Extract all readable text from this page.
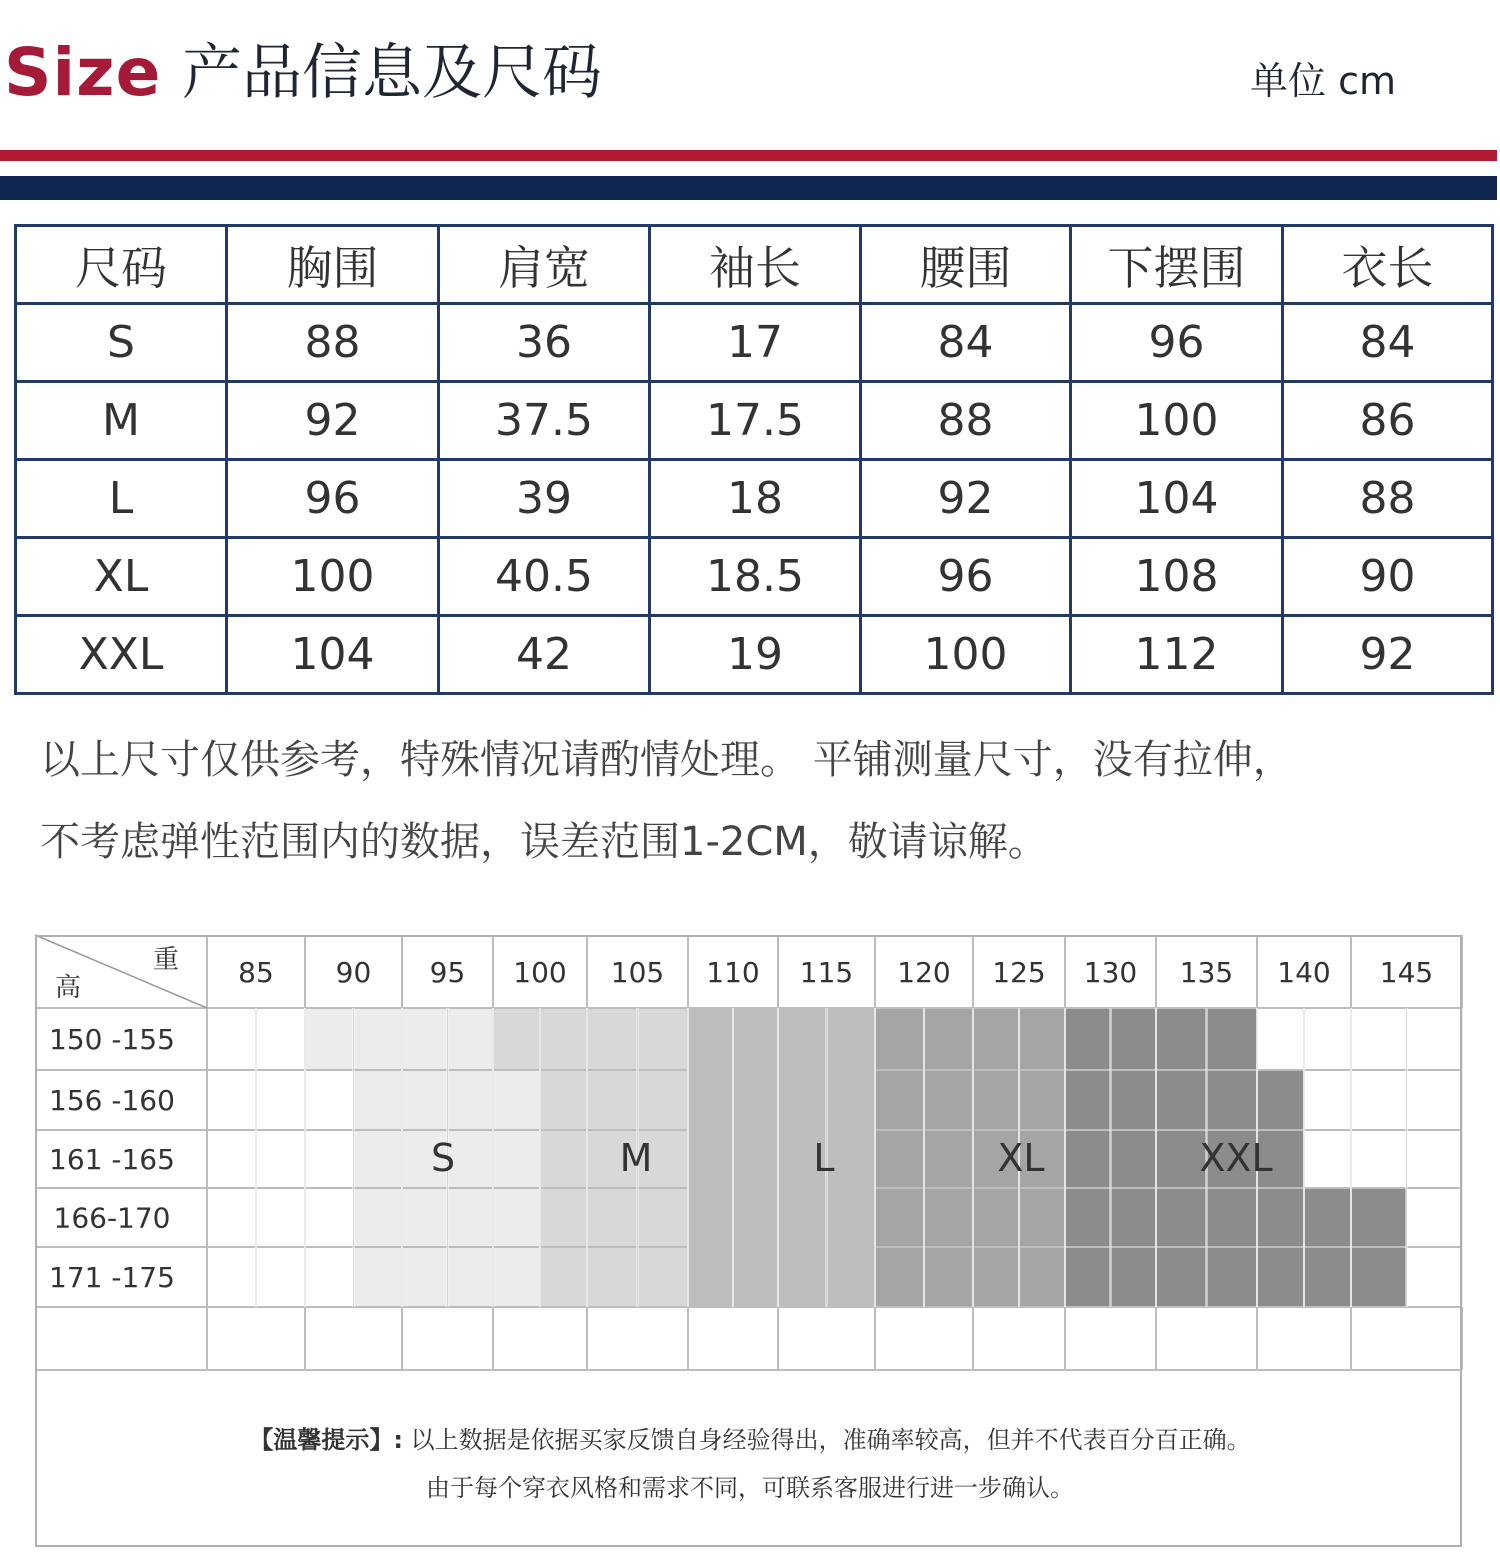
Size 产品信息及尺码	单位 cm
尺码	胸围	肩宽	袖长	腰围	下摆围	衣长
S	88	36	17	84	96	84
M	92	37.5	17.5	88	100	86
L	96	39	18	92	104	88
XL	100	40.5	18.5	96	108	90
XXL	104	42	19	100	112	92
以上尺寸仅供参考，特殊情况请酌情处理。 平铺测量尺寸，没有拉伸，
不考虑弹性范围内的数据，误差范围1-2CM，敬请谅解。
重
高	85 90 95 100 105 110 115 120 125 130 135 140 145
150 -155
156 -160
161 -165
166-170
171 -175
S	M	L	XL	XXL
【温馨提示】: 以上数据是依据买家反馈自身经验得出，准确率较高，但并不代表百分百正确。
由于每个穿衣风格和需求不同，可联系客服进行进一步确认。
